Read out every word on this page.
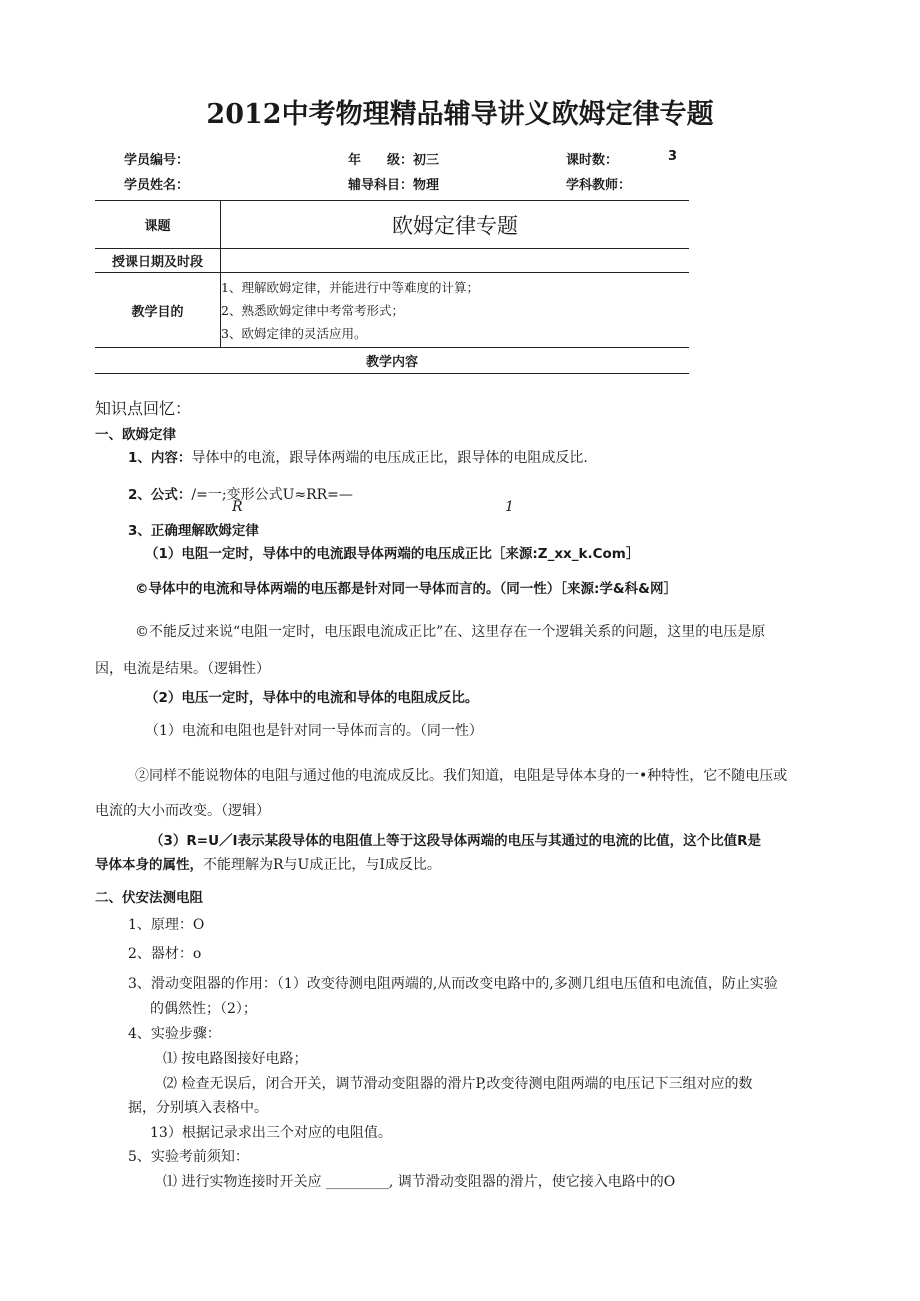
2012中考物理精品辅导讲义欧姆定律专题
学员编号：	年　　级：初三	课时数：	3
学员姓名：	辅导科目：物理	学科教师：
课题	欧姆定律专题
授课日期及时段	
教学目的	1、理解欧姆定律，并能进行中等难度的计算；
2、熟悉欧姆定律中考常考形式；
3、欧姆定律的灵活应用。

教学内容	
知识点回忆：
一、欧姆定律
1、内容：导体中的电流，跟导体两端的电压成正比，跟导体的电阻成反比.
2、公式：/=一;变形公式U≈RR=—
R	1
3、正确理解欧姆定律
（1）电阻一定时，导体中的电流跟导体两端的电压成正比［来源:Z_xx_k.Com］
©导体中的电流和导体两端的电压都是针对同一导体而言的。（同一性）［来源:学&科&网］
©不能反过来说“电阻一定时，电压跟电流成正比”在、这里存在一个逻辑关系的问题，这里的电压是原
因，电流是结果。（逻辑性）
（2）电压一定时，导体中的电流和导体的电阻成反比。
（1）电流和电阻也是针对同一导体而言的。（同一性）
②同样不能说物体的电阻与通过他的电流成反比。我们知道，电阻是导体本身的一•种特性，它不随电压或
电流的大小而改变。（逻辑）
（3）R=U／I表示某段导体的电阻值上等于这段导体两端的电压与其通过的电流的比值，这个比值R是
导体本身的属性，不能理解为R与U成正比，与I成反比。
二、伏安法测电阻
1、原理：O
2、器材：o
3、滑动变阻器的作用：（1）改变待测电阻两端的,从而改变电路中的,多测几组电压值和电流值，防止实验
的偶然性；（2）；
4、实验步骤：
⑴ 按电路图接好电路；
⑵ 检查无误后，闭合开关，调节滑动变阻器的滑片P,改变待测电阻两端的电压记下三组对应的数
据，分别填入表格中。
13）根据记录求出三个对应的电阻值。
5、实验考前须知：
⑴ 进行实物连接时开关应 _________, 调节滑动变阻器的滑片，使它接入电路中的O
